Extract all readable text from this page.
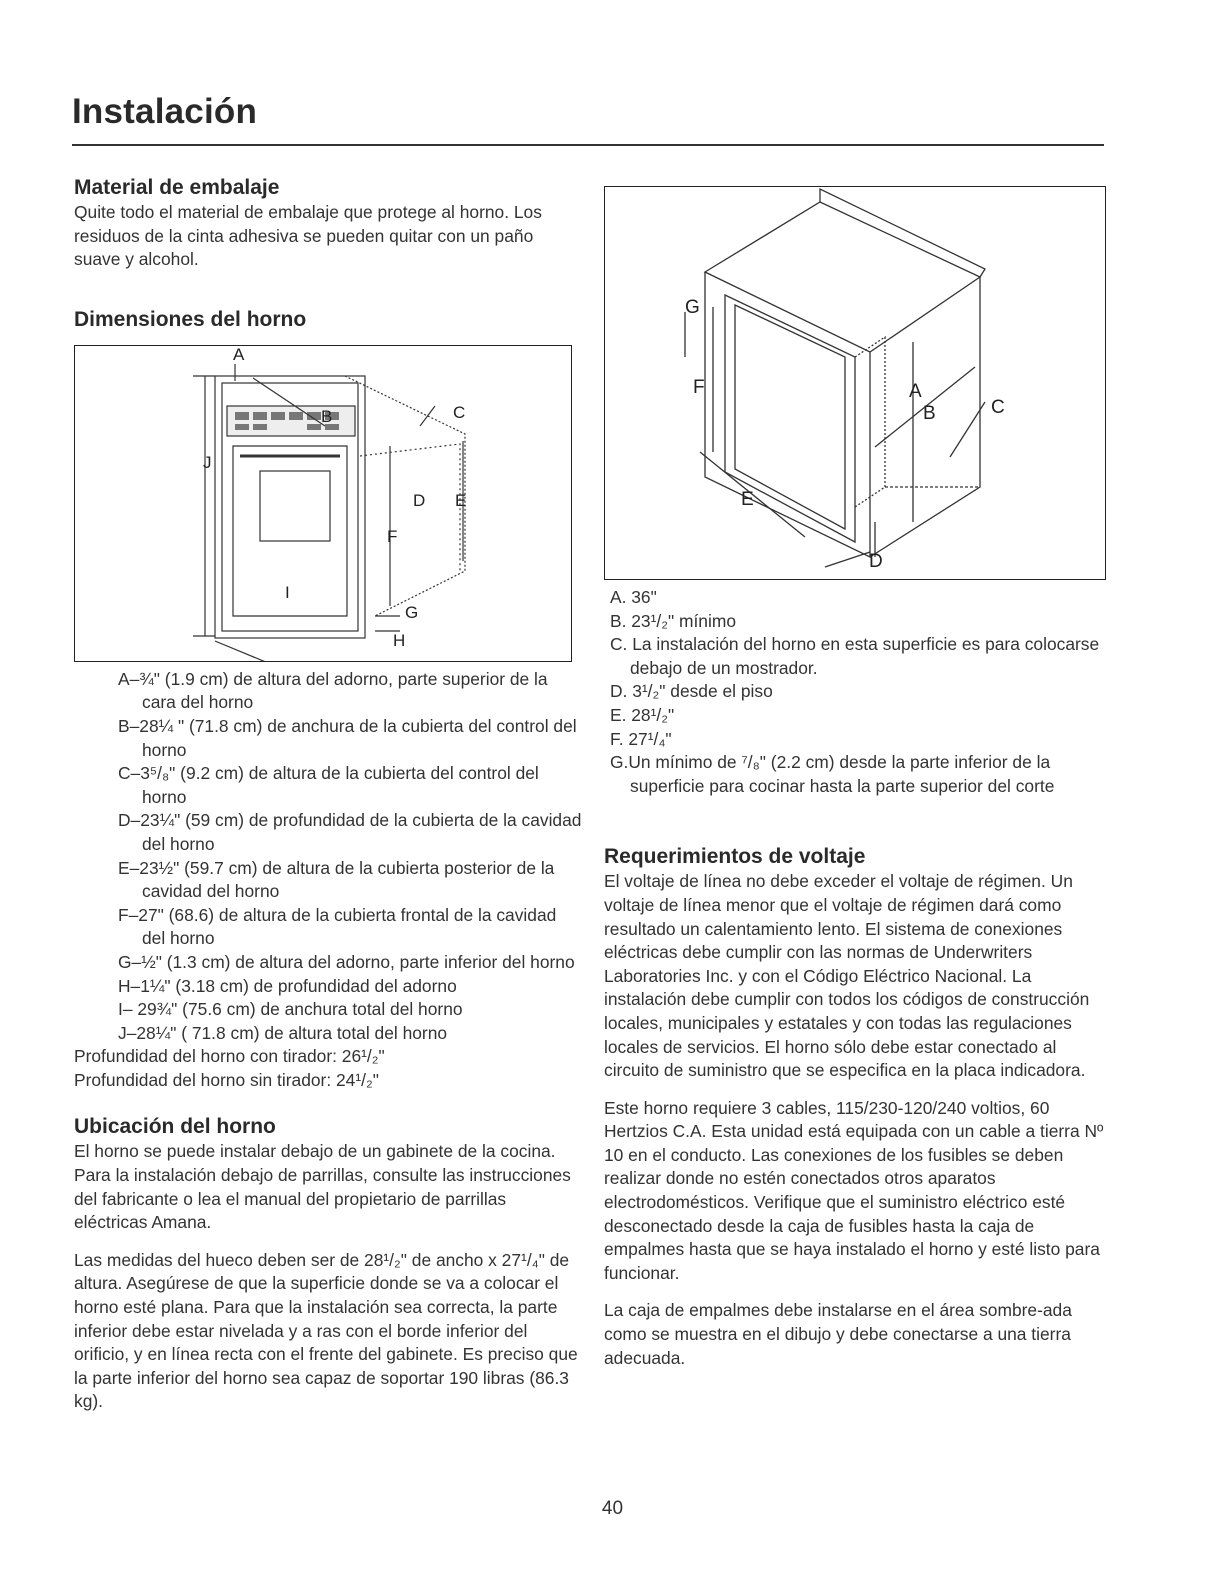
Instalación
Material de embalaje

Quite todo el material de embalaje que protege al horno. Los residuos de la cinta adhesiva se pueden quitar con un paño suave y alcohol.

Dimensiones del horno
A
B	C
D E
F
G
H
I
J
A–¾" (1.9 cm) de altura del adorno, parte superior de la cara del horno
B–28¼ " (71.8 cm) de anchura de la cubierta del control del horno
C–3⁵/₈" (9.2 cm) de altura de la cubierta del control del horno
D–23¼" (59 cm) de profundidad de la cubierta de la cavidad del horno
E–23½" (59.7 cm) de altura de la cubierta posterior de la cavidad del horno
F–27" (68.6) de altura de la cubierta frontal de la cavidad del horno
G–½" (1.3 cm) de altura del adorno, parte inferior del horno
H–1¼" (3.18 cm) de profundidad del adorno
I– 29¾" (75.6 cm) de anchura total del horno
J–28¼" ( 71.8 cm) de altura total del horno

Profundidad del horno con tirador: 26¹/₂"

Profundidad del horno sin tirador: 24¹/₂"

Ubicación del horno

El horno se puede instalar debajo de un gabinete de la cocina. Para la instalación debajo de parrillas, consulte las instrucciones del fabricante o lea el manual del propietario de parrillas eléctricas Amana.

Las medidas del hueco deben ser de 28¹/₂" de ancho x 27¹/₄" de altura. Asegúrese de que la superficie donde se va a colocar el horno esté plana. Para que la instalación sea correcta, la parte inferior debe estar nivelada y a ras con el borde inferior del orificio, y en línea recta con el frente del gabinete. Es preciso que la parte inferior del horno sea capaz de soportar 190 libras (86.3 kg).

A
B	C
D
E
F
G
A. 36"
B. 23¹/₂" mínimo
C. La instalación del horno en esta superficie es para colocarse debajo de un mostrador.
D. 3¹/₂" desde el piso
E. 28¹/₂"
F. 27¹/₄"
G.Un mínimo de ⁷/₈" (2.2 cm) desde la parte inferior de la superficie para cocinar hasta la parte superior del corte
Requerimientos de voltaje

El voltaje de línea no debe exceder el voltaje de régimen. Un voltaje de línea menor que el voltaje de régimen dará como resultado un calentamiento lento. El sistema de conexiones eléctricas debe cumplir con las normas de Underwriters Laboratories Inc. y con el Código Eléctrico Nacional. La instalación debe cumplir con todos los códigos de construcción locales, municipales y estatales y con todas las regulaciones locales de servicios. El horno sólo debe estar conectado al circuito de suministro que se especifica en la placa indicadora.

Este horno requiere 3 cables, 115/230-120/240 voltios, 60 Hertzios C.A. Esta unidad está equipada con un cable a tierra Nº 10 en el conducto. Las conexiones de los fusibles se deben realizar donde no estén conectados otros aparatos electrodomésticos. Verifique que el suministro eléctrico esté desconectado desde la caja de fusibles hasta la caja de empalmes hasta que se haya instalado el horno y esté listo para funcionar.

La caja de empalmes debe instalarse en el área sombre-ada como se muestra en el dibujo y debe conectarse a una tierra adecuada.

40
